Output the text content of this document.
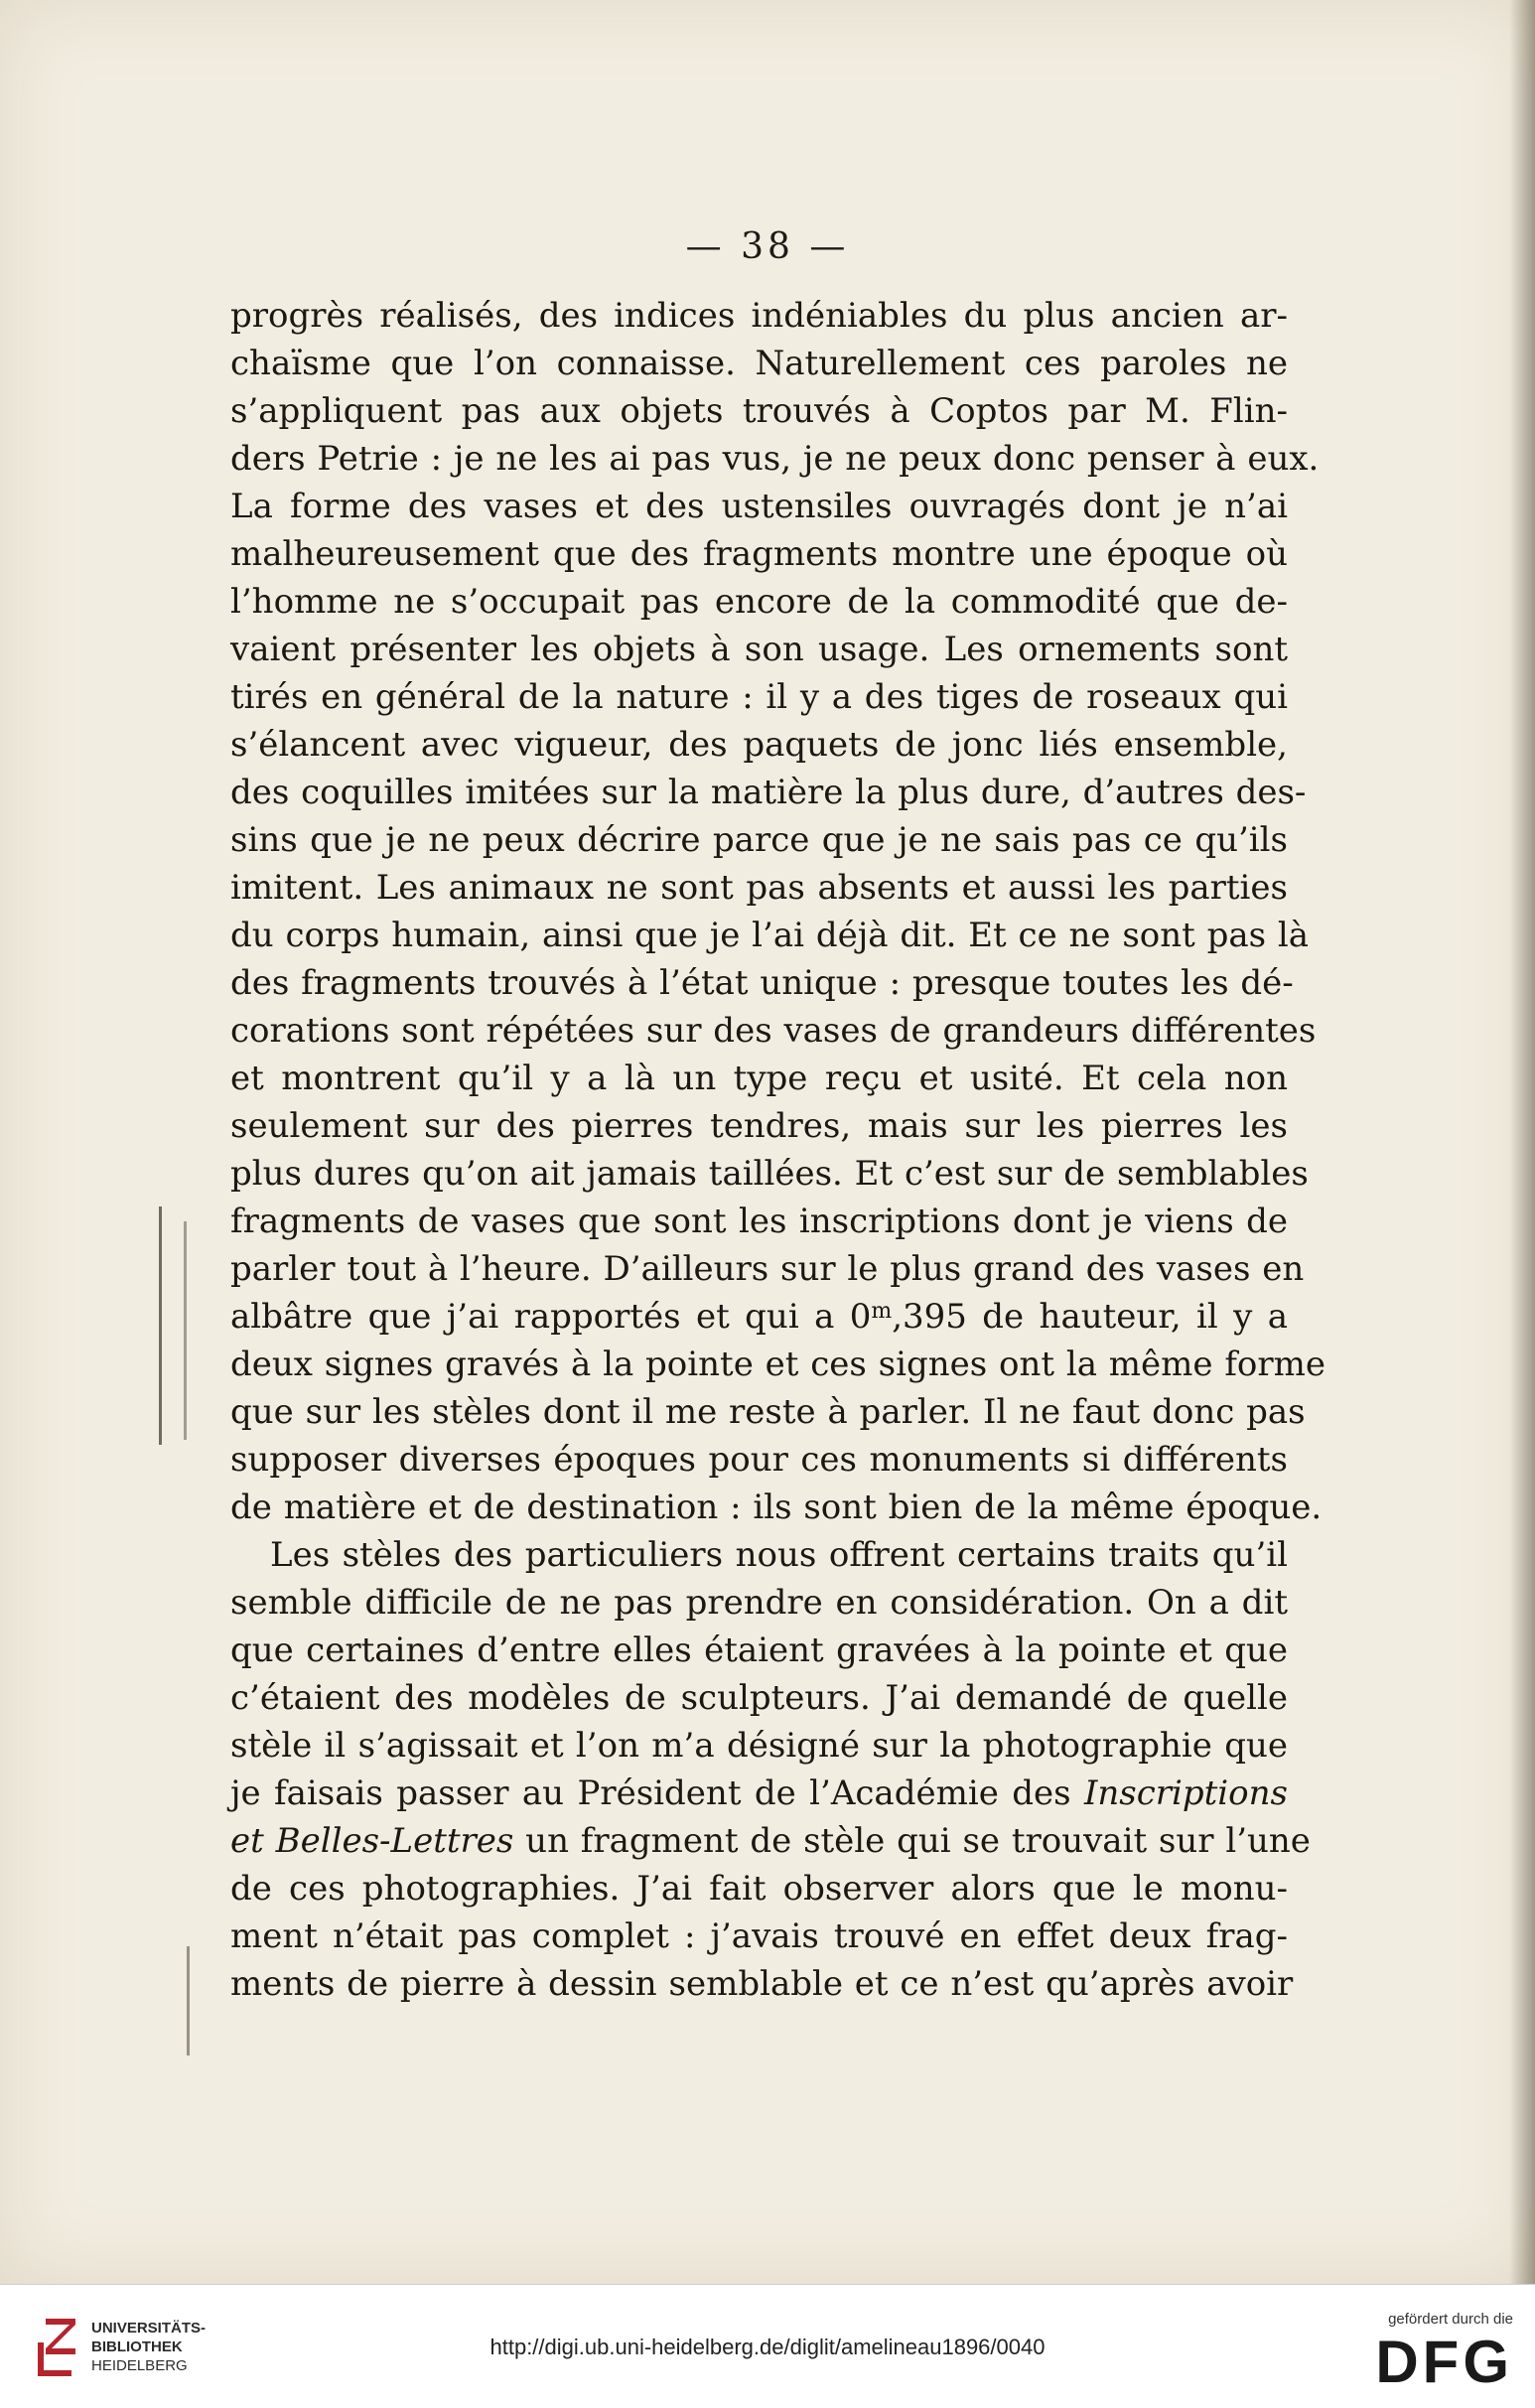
— 38 —
progrès réalisés, des indices indéniables du plus ancien ar-
chaïsme que l’on connaisse. Naturellement ces paroles ne
s’appliquent pas aux objets trouvés à Coptos par M. Flin-
ders Petrie : je ne les ai pas vus, je ne peux donc penser à eux.
La forme des vases et des ustensiles ouvragés dont je n’ai
malheureusement que des fragments montre une époque où
l’homme ne s’occupait pas encore de la commodité que de-
vaient présenter les objets à son usage. Les ornements sont
tirés en général de la nature : il y a des tiges de roseaux qui
s’élancent avec vigueur, des paquets de jonc liés ensemble,
des coquilles imitées sur la matière la plus dure, d’autres des-
sins que je ne peux décrire parce que je ne sais pas ce qu’ils
imitent. Les animaux ne sont pas absents et aussi les parties
du corps humain, ainsi que je l’ai déjà dit. Et ce ne sont pas là
des fragments trouvés à l’état unique : presque toutes les dé-
corations sont répétées sur des vases de grandeurs différentes
et montrent qu’il y a là un type reçu et usité. Et cela non
seulement sur des pierres tendres, mais sur les pierres les
plus dures qu’on ait jamais taillées. Et c’est sur de semblables
fragments de vases que sont les inscriptions dont je viens de
parler tout à l’heure. D’ailleurs sur le plus grand des vases en
albâtre que j’ai rapportés et qui a 0$^m$,395 de hauteur, il y a
deux signes gravés à la pointe et ces signes ont la même forme
que sur les stèles dont il me reste à parler. Il ne faut donc pas
supposer diverses époques pour ces monuments si différents
de matière et de destination : ils sont bien de la même époque.
Les stèles des particuliers nous offrent certains traits qu’il
semble difficile de ne pas prendre en considération. On a dit
que certaines d’entre elles étaient gravées à la pointe et que
c’étaient des modèles de sculpteurs. J’ai demandé de quelle
stèle il s’agissait et l’on m’a désigné sur la photographie que
je faisais passer au Président de l’Académie des Inscriptions
et Belles-Lettres un fragment de stèle qui se trouvait sur l’une
de ces photographies. J’ai fait observer alors que le monu-
ment n’était pas complet : j’avais trouvé en effet deux frag-
ments de pierre à dessin semblable et ce n’est qu’après avoir
UNIVERSITÄTS-
BIBLIOTHEK
HEIDELBERG
http://digi.ub.uni-heidelberg.de/diglit/amelineau1896/0040
gefördert durch die
DFG
